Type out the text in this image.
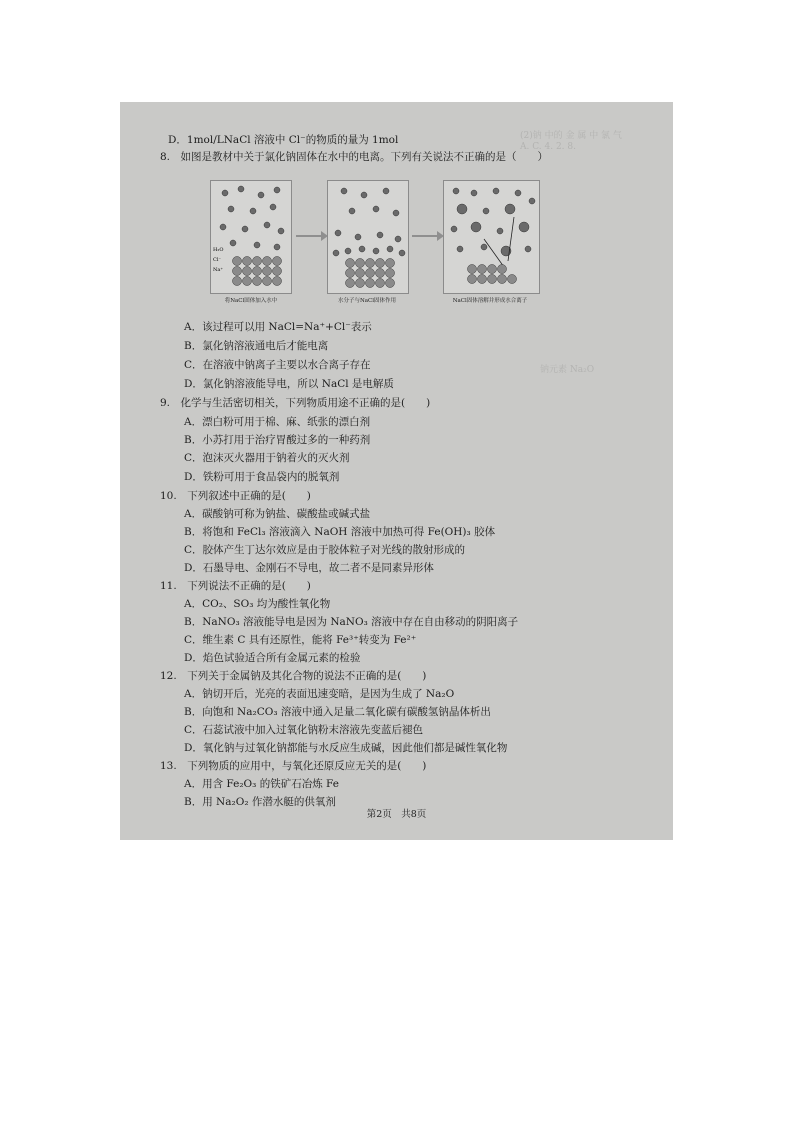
(2)钠 中的 金 属 中 氯 气
A. C. 4. 2. 8.
钠元素 Na₂O
D．1mol/LNaCl 溶液中 Cl⁻的物质的量为 1mol
8.　如图是教材中关于氯化钠固体在水中的电离。下列有关说法不正确的是（　　）
H₂O
Cl⁻
Na⁺
将NaCl固体加入水中	水分子与NaCl固体作用	NaCl固体溶解并形成水合离子
A．该过程可以用 NaCl=Na⁺+Cl⁻表示
B．氯化钠溶液通电后才能电离
C．在溶液中钠离子主要以水合离子存在
D．氯化钠溶液能导电，所以 NaCl 是电解质
9.　化学与生活密切相关，下列物质用途不正确的是(　　)
A．漂白粉可用于棉、麻、纸张的漂白剂
B．小苏打用于治疗胃酸过多的一种药剂
C．泡沫灭火器用于钠着火的灭火剂
D．铁粉可用于食品袋内的脱氧剂
10.　下列叙述中正确的是(　　)
A．碳酸钠可称为钠盐、碳酸盐或碱式盐
B．将饱和 FeCl₃ 溶液滴入 NaOH 溶液中加热可得 Fe(OH)₃ 胶体
C．胶体产生丁达尔效应是由于胶体粒子对光线的散射形成的
D．石墨导电、金刚石不导电，故二者不是同素异形体
11.　下列说法不正确的是(　　)
A．CO₂、SO₃ 均为酸性氧化物
B．NaNO₃ 溶液能导电是因为 NaNO₃ 溶液中存在自由移动的阴阳离子
C．维生素 C 具有还原性，能将 Fe³⁺转变为 Fe²⁺
D．焰色试验适合所有金属元素的检验
12.　下列关于金属钠及其化合物的说法不正确的是(　　)
A．钠切开后，光亮的表面迅速变暗，是因为生成了 Na₂O
B．向饱和 Na₂CO₃ 溶液中通入足量二氧化碳有碳酸氢钠晶体析出
C．石蕊试液中加入过氧化钠粉末溶液先变蓝后褪色
D．氧化钠与过氧化钠都能与水反应生成碱，因此他们都是碱性氧化物
13.　下列物质的应用中，与氧化还原反应无关的是(　　)
A．用含 Fe₂O₃ 的铁矿石冶炼 Fe
B．用 Na₂O₂ 作潜水艇的供氧剂
第2页　共8页
